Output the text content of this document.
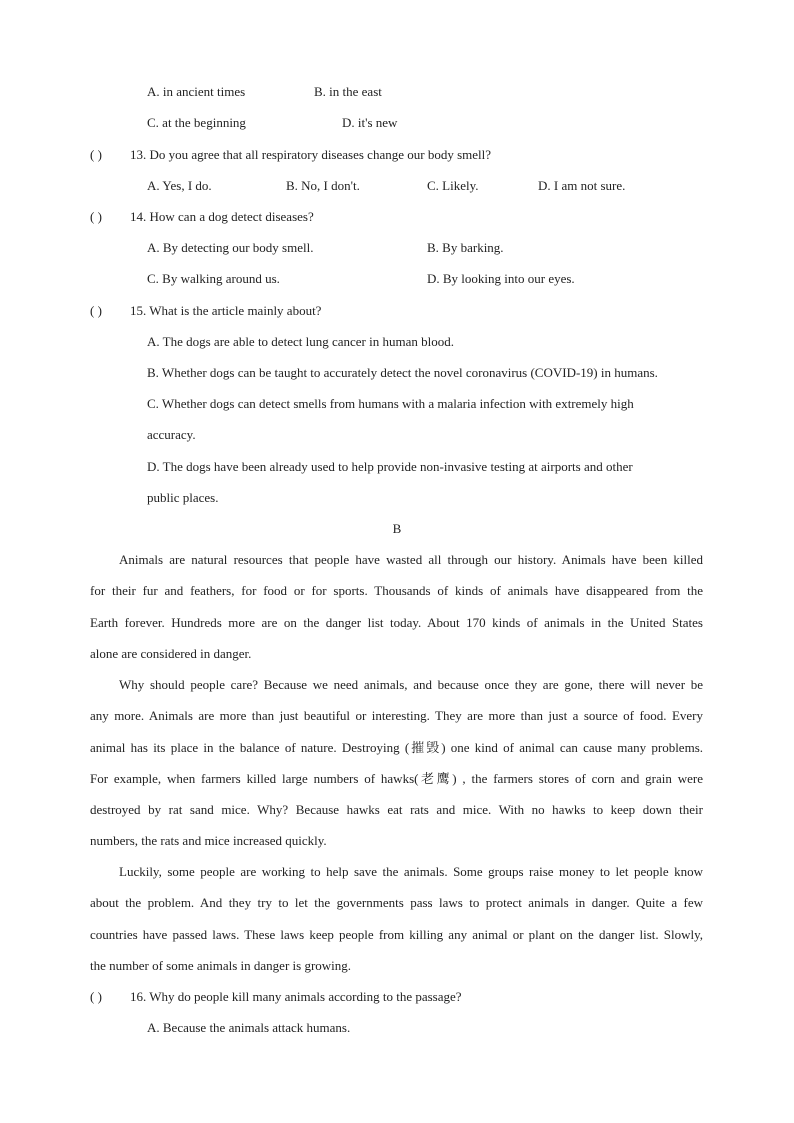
A. in ancient times	B. in the east
C. at the beginning	D. it's new
( ) 13. Do you agree that all respiratory diseases change our body smell?
A. Yes, I do.	B. No, I don't.	C. Likely.	D. I am not sure.
( ) 14. How can a dog detect diseases?
A. By detecting our body smell.	B. By barking.
C. By walking around us.	D. By looking into our eyes.
( ) 15. What is the article mainly about?
A. The dogs are able to detect lung cancer in human blood.
B. Whether dogs can be taught to accurately detect the novel coronavirus (COVID-19) in humans.
C. Whether dogs can detect smells from humans with a malaria infection with extremely high
accuracy.
D. The dogs have been already used to help provide non-invasive testing at airports and other
public places.
B
Animals are natural resources that people have wasted all through our history. Animals have been killed
for their fur and feathers, for food or for sports. Thousands of kinds of animals have disappeared from the
Earth forever. Hundreds more are on the danger list today. About 170 kinds of animals in the United States
alone are considered in danger.
Why should people care? Because we need animals, and because once they are gone, there will never be
any more. Animals are more than just beautiful or interesting. They are more than just a source of food. Every
animal has its place in the balance of nature. Destroying (摧毁) one kind of animal can cause many problems.
For example, when farmers killed large numbers of hawks(老鹰) , the farmers stores of corn and grain were
destroyed by rat sand mice. Why? Because hawks eat rats and mice. With no hawks to keep down their
numbers, the rats and mice increased quickly.
Luckily, some people are working to help save the animals. Some groups raise money to let people know
about the problem. And they try to let the governments pass laws to protect animals in danger. Quite a few
countries have passed laws. These laws keep people from killing any animal or plant on the danger list. Slowly,
the number of some animals in danger is growing.
( ) 16. Why do people kill many animals according to the passage?
A. Because the animals attack humans.
